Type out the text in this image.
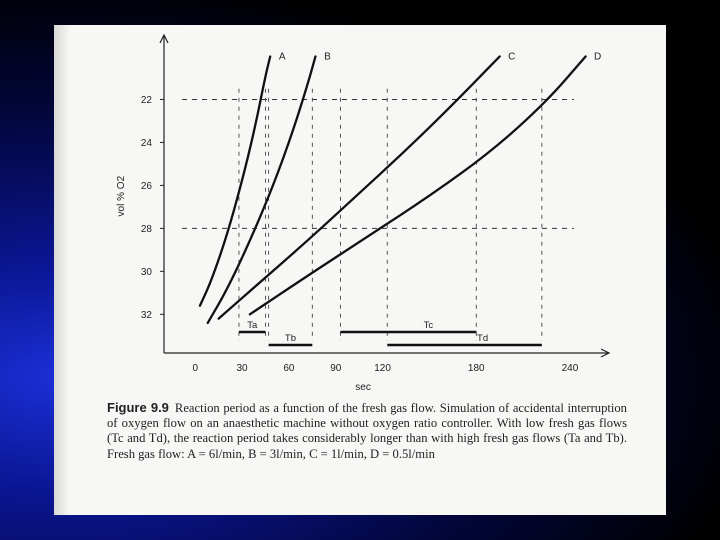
22
24
26
28
30
32
0	30	60	90	120	180	240
sec
vol % O2
Ta
Tb
Tc
Td
A	B	C	D
Figure 9.9 Reaction period as a function of the fresh gas flow. Simulation of accidental interruption of oxygen flow on an anaesthetic machine without oxygen ratio controller. With low fresh gas flows (Tc and Td), the reaction period takes considerably longer than with high fresh gas flows (Ta and Tb). Fresh gas flow: A = 6l/min, B = 3l/min, C = 1l/min, D = 0.5l/min
